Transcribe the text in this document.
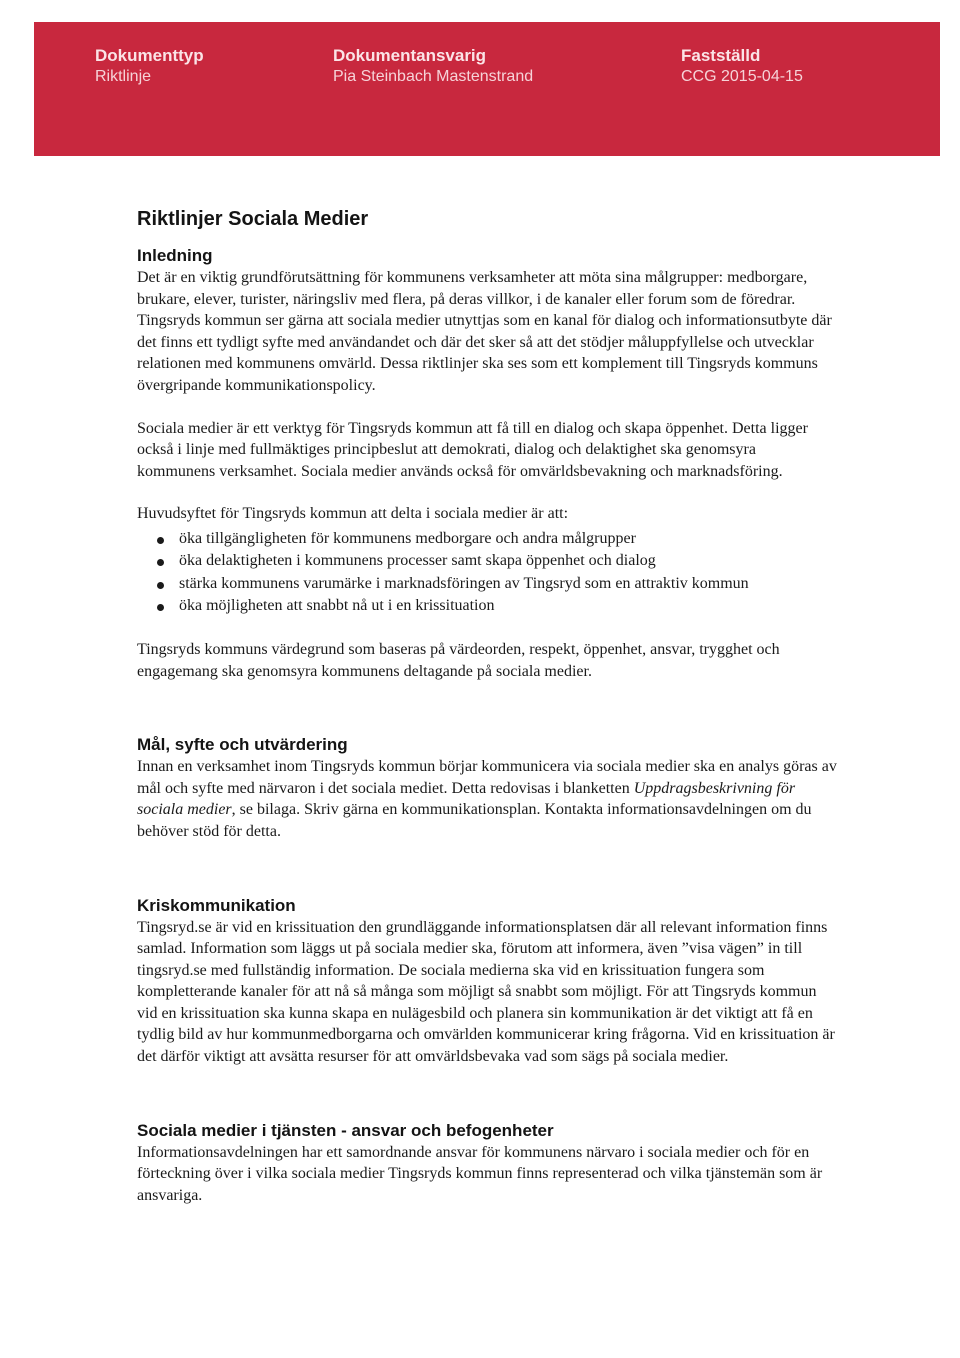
Dokumenttyp
Riktlinje
Dokumentansvarig
Pia Steinbach Mastenstrand
Fastställd
CCG 2015-04-15
Riktlinjer Sociala Medier
Inledning

Det är en viktig grundförutsättning för kommunens verksamheter att möta sina målgrupper: medborgare, brukare, elever, turister, näringsliv med flera, på deras villkor, i de kanaler eller forum som de föredrar. Tingsryds kommun ser gärna att sociala medier utnyttjas som en kanal för dialog och informationsutbyte där det finns ett tydligt syfte med användandet och där det sker så att det stödjer måluppfyllelse och utvecklar relationen med kommunens omvärld. Dessa riktlinjer ska ses som ett komplement till Tingsryds kommuns övergripande kommunikationspolicy.

Sociala medier är ett verktyg för Tingsryds kommun att få till en dialog och skapa öppenhet. Detta ligger också i linje med fullmäktiges principbeslut att demokrati, dialog och delaktighet ska genomsyra kommunens verksamhet. Sociala medier används också för omvärldsbevakning och marknadsföring.

Huvudsyftet för Tingsryds kommun att delta i sociala medier är att:

öka tillgängligheten för kommunens medborgare och andra målgrupper
öka delaktigheten i kommunens processer samt skapa öppenhet och dialog
stärka kommunens varumärke i marknadsföringen av Tingsryd som en attraktiv kommun
öka möjligheten att snabbt nå ut i en krissituation

Tingsryds kommuns värdegrund som baseras på värdeorden, respekt, öppenhet, ansvar, trygghet och engagemang ska genomsyra kommunens deltagande på sociala medier.

Mål, syfte och utvärdering

Innan en verksamhet inom Tingsryds kommun börjar kommunicera via sociala medier ska en analys göras av mål och syfte med närvaron i det sociala mediet. Detta redovisas i blanketten Uppdragsbeskrivning för sociala medier, se bilaga. Skriv gärna en kommunikationsplan. Kontakta informationsavdelningen om du behöver stöd för detta.

Kriskommunikation

Tingsryd.se är vid en krissituation den grundläggande informationsplatsen där all relevant information finns samlad. Information som läggs ut på sociala medier ska, förutom att informera, även ”visa vägen” in till tingsryd.se med fullständig information. De sociala medierna ska vid en krissituation fungera som kompletterande kanaler för att nå så många som möjligt så snabbt som möjligt. För att Tingsryds kommun vid en krissituation ska kunna skapa en nulägesbild och planera sin kommunikation är det viktigt att få en tydlig bild av hur kommunmedborgarna och omvärlden kommunicerar kring frågorna. Vid en krissituation är det därför viktigt att avsätta resurser för att omvärldsbevaka vad som sägs på sociala medier.

Sociala medier i tjänsten - ansvar och befogenheter

Informationsavdelningen har ett samordnande ansvar för kommunens närvaro i sociala medier och för en förteckning över i vilka sociala medier Tingsryds kommun finns representerad och vilka tjänstemän som är ansvariga.
